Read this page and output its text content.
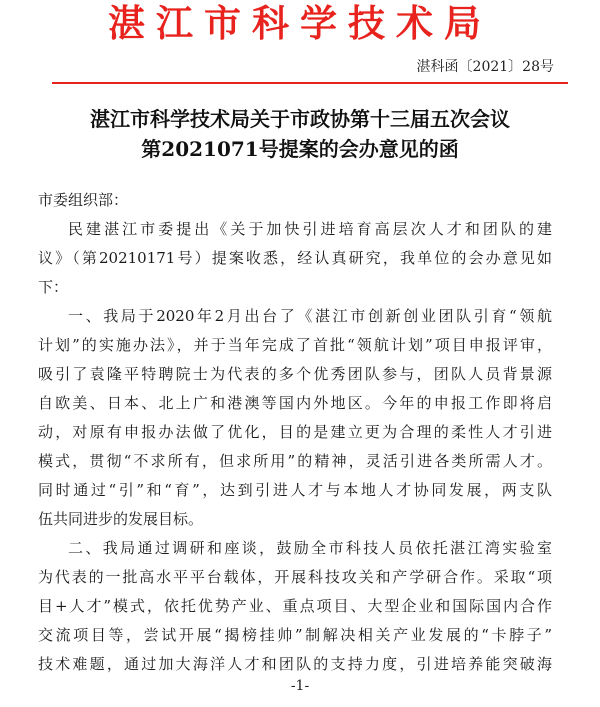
湛江市科学技术局
湛科函〔2021〕28号
湛江市科学技术局关于市政协第十三届五次会议
第2021071号提案的会办意见的函
市委组织部：
民建湛江市委提出《关于加快引进培育高层次人才和团队的建
议》（第20210171号）提案收悉，经认真研究，我单位的会办意见如
下：
一、我局于2020年2月出台了《湛江市创新创业团队引育“领航
计划”的实施办法》，并于当年完成了首批“领航计划”项目申报评审，
吸引了袁隆平特聘院士为代表的多个优秀团队参与，团队人员背景源
自欧美、日本、北上广和港澳等国内外地区。今年的申报工作即将启
动，对原有申报办法做了优化，目的是建立更为合理的柔性人才引进
模式，贯彻“不求所有，但求所用”的精神，灵活引进各类所需人才。
同时通过“引”和“育”，达到引进人才与本地人才协同发展，两支队
伍共同进步的发展目标。
二、我局通过调研和座谈，鼓励全市科技人员依托湛江湾实验室
为代表的一批高水平平台载体，开展科技攻关和产学研合作。采取“项
目+人才”模式，依托优势产业、重点项目、大型企业和国际国内合作
交流项目等，尝试开展“揭榜挂帅”制解决相关产业发展的“卡脖子”
技术难题，通过加大海洋人才和团队的支持力度，引进培养能突破海
-1-
